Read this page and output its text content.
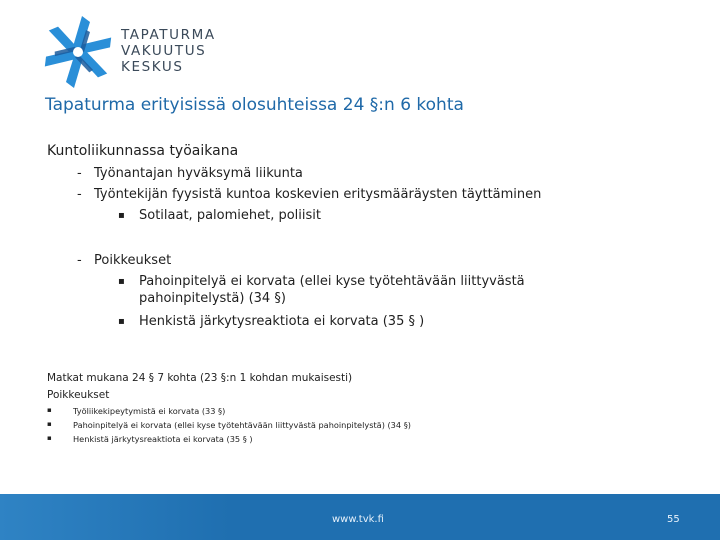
TAPATURMA
VAKUUTUS
KESKUS
Tapaturma erityisissä olosuhteissa 24 §:n 6 kohta
Kuntoliikunnassa työaikana
- Työnantajan hyväksymä liikunta
- Työntekijän fyysistä kuntoa koskevien eritysmääräysten täyttäminen
▪ Sotilaat, palomiehet, poliisit
- Poikkeukset
▪ Pahoinpitelyä ei korvata (ellei kyse työtehtävään liittyvästä
pahoinpitelystä) (34 §)
▪ Henkistä järkytysreaktiota ei korvata (35 § )
Matkat mukana 24 § 7 kohta (23 §:n 1 kohdan mukaisesti)
Poikkeukset
▪	Työliikekipeytymistä ei korvata (33 §)
▪	Pahoinpitelyä ei korvata (ellei kyse työtehtävään liittyvästä pahoinpitelystä) (34 §)
▪	Henkistä järkytysreaktiota ei korvata (35 § )
www.tvk.fi	55
